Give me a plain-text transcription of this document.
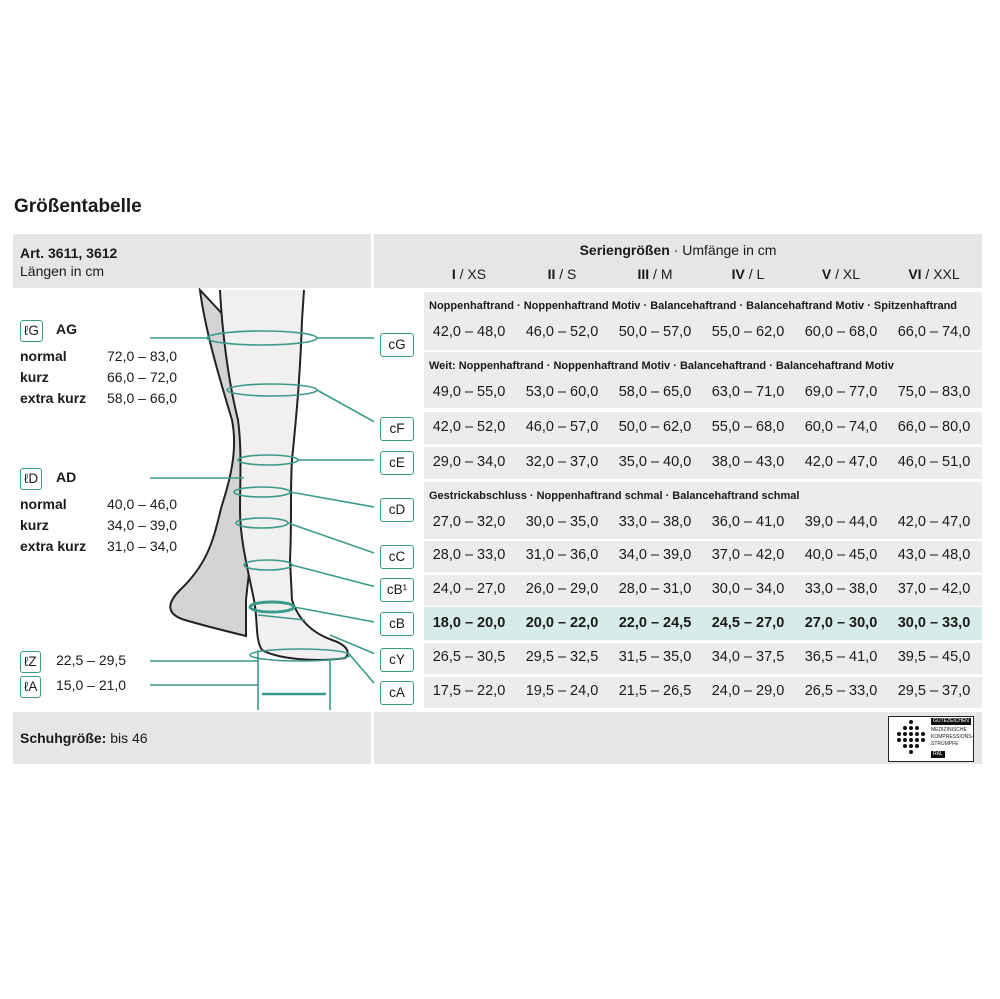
Größentabelle
Art. 3611, 3612
Längen in cm
Seriengrößen · Umfänge in cm
I / XS	II / S	III / M	IV / L	V / XL	VI / XXL
Noppenhaftrand · Noppenhaftrand Motiv · Balancehaftrand · Balancehaftrand Motiv · Spitzenhaftrand
42,0 – 48,0	46,0 – 52,0	50,0 – 57,0	55,0 – 62,0	60,0 – 68,0	66,0 – 74,0
cG
Weit: Noppenhaftrand · Noppenhaftrand Motiv · Balancehaftrand · Balancehaftrand Motiv
49,0 – 55,0	53,0 – 60,0	58,0 – 65,0	63,0 – 71,0	69,0 – 77,0	75,0 – 83,0
42,0 – 52,0	46,0 – 57,0	50,0 – 62,0	55,0 – 68,0	60,0 – 74,0	66,0 – 80,0
cF
29,0 – 34,0	32,0 – 37,0	35,0 – 40,0	38,0 – 43,0	42,0 – 47,0	46,0 – 51,0
cE
Gestrickabschluss · Noppenhaftrand schmal · Balancehaftrand schmal
27,0 – 32,0	30,0 – 35,0	33,0 – 38,0	36,0 – 41,0	39,0 – 44,0	42,0 – 47,0
cD
28,0 – 33,0	31,0 – 36,0	34,0 – 39,0	37,0 – 42,0	40,0 – 45,0	43,0 – 48,0
cC
24,0 – 27,0	26,0 – 29,0	28,0 – 31,0	30,0 – 34,0	33,0 – 38,0	37,0 – 42,0
cB¹
18,0 – 20,0	20,0 – 22,0	22,0 – 24,5	24,5 – 27,0	27,0 – 30,0	30,0 – 33,0
cB
26,5 – 30,5	29,5 – 32,5	31,5 – 35,0	34,0 – 37,5	36,5 – 41,0	39,5 – 45,0
cY
17,5 – 22,0	19,5 – 24,0	21,5 – 26,5	24,0 – 29,0	26,5 – 33,0	29,5 – 37,0
cA
ℓG AG
normal	72,0 – 83,0
kurz	66,0 – 72,0
extra kurz 58,0 – 66,0
ℓD AD
normal	40,0 – 46,0
kurz	34,0 – 39,0
extra kurz 31,0 – 34,0
ℓZ 22,5 – 29,5
ℓA 15,0 – 21,0
Schuhgröße: bis 46
GÜTEZEICHEN
MEDIZINISCHE
KOMPRESSIONS-
STRÜMPFE
RAL
